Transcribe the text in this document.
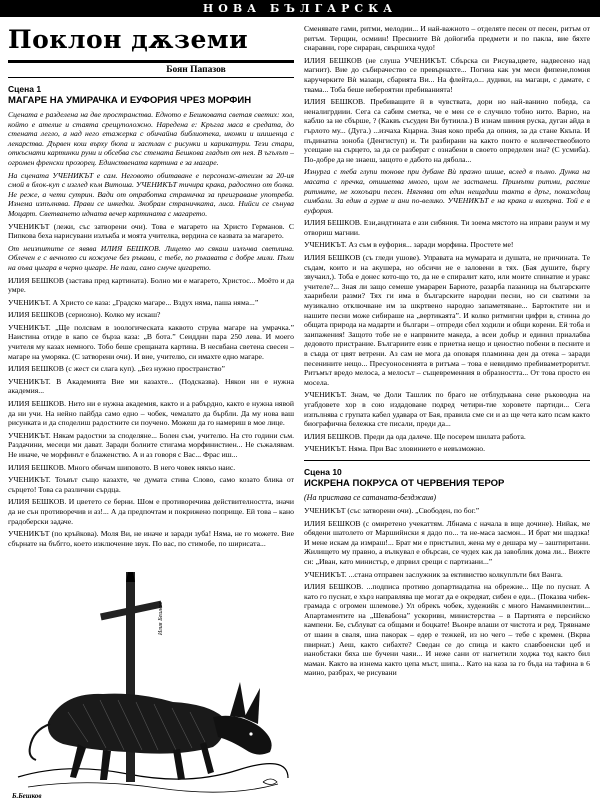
НОВА БЪЛГАРСКА
Поклон дѫземи
Боян Папазов
Сцена 1
МАГАРЕ НА УМИРАЧКА И ЕУФОРИЯ ЧРЕЗ МОРФИН

Сцената е разделена на две пространства. Едното е Бешковата светая светих: хол, който е ателие и стаята срещуположно. Наредена е: Кръгла маса в средата, до стената легло, а над него етажерка с обичайна библиотека, иконки и шишенца с лекарства. Дървен кош върху бюпа и застлан с рисунки и карикатури. Тези стари, откъснати картинки руни и обсебва със стената Бешкова гладът от нея. В ъгълът – огромен френски прозорец. Единствената картина е за магаре.

На сцената УЧЕНИКЪТ е сам. Неговото обитаване е персонаж-атеизм за 20-ия смой в блок-куп с изглед към Витоша. УЧЕНИКЪТ тичира крака, радостно от болка. Не реже, а чети сутрин. Вади от отработка страничка за преиграване употреба. Изнема изпълнява. Прави се инкедки. Зкобрам страничката, лиса. Нийси се сънува Моцарт. Светването идната вечер картината с магарето.

УЧЕНИКЪТ (лежи, със затворени очи). Това е магарето на Христо Германов. С Пипкова беха нарисувани излъкба и моята учителка, вердина се казвата за магарето.

От неизпитите се явява ИЛИЯ БЕШКОВ. Лицето мо сякаш излъчва светлина. Облечен е с вечното си кожухче без ръкави, с тебе, по ръкавата с добре мили. Пъхи на оъва цигара в черно цигаре. Не пали, само смуче цигарето.

ИЛИЯ БЕШКОВ (застава пред картината). Болно ми е магарето, Христос... Моёто и да умре.

УЧЕНИКЪТ. А Христо се каза: „Градско магаре... Вздух няма, паша няма...”

ИЛИЯ БЕШКОВ (сериозно). Колко му искаш?

УЧЕНИКЪТ. „Ще полсвам в зоологическата каквото струва магаре на умрачка.” Наистина отиде в капо се бърза каза: „В бота.” Сеиддни пара 250 лева. И моего учителя му казах немного. Тобо беше срещаната картина. В несвбана светена свесен – магаре на уморяка. (С затворени очи). И вие, учителю, си имахте едно магаре.

ИЛИЯ БЕШКОВ (с жест си слага куп). „Без нужно пространство”

УЧЕНИКЪТ. В Академията Вие ми казахте... (Подсказва). Някои ни е нужна академия...

ИЛИЯ БЕШКОВ. Нито ни е нужна академия, както и а рабърдно, както е нужна нявой да ни учи. На нейно пайбда само едно – чобек, чемалато да бърбли. Да му нова ваш рисунката и да споделиш радостните си поучено. Можеш да го намериш в мое лице.

УЧЕНИКЪТ. Някам радостни за споделяне... Болен съм, учителю. На сто години съм. Раздачини, месеци ми дават. Заради болните стигама морфинистиен... Не съжалявам. Не иначе, че морфинът е блаженство. А и аз говоря с Вас... Фрас иш...

ИЛИЯ БЕШКОВ. Много обичам шиповото. В него човек някъо наис.

УЧЕНИКЪТ. Тоъвът също казахте, че думата стива Слово, само козато блика от сърцето! Това са различни сърдца.

ИЛИЯ БЕШКОВ. И цветето се берни. Шом е противоречива действителността, значи да не сън противоречив и аз!... А да предпочтам и покрижено поприще. Ей това – кано градоберски задаче.

УЧЕНИКЪТ (по кръйкова). Моля Ви, не иначе и заради зуба! Няма, не го можете. Вие сбърнате на бъбгго, което изключение звук. По вас, по стимобе, по ширисата...

Илия Бешков
Б.Бешков

Сменявате гами, ритми, мелодии... И най-важното – отделяте песен от песен, ритъм от ритъм. Терщин, осмиин! Пресвиите Вѝ дойогиба предмети и по пакла, вие бяхте сиаравни, горе сираран, свършиха чудо!

ИЛИЯ БЕШКОВ (не слуша УЧЕНИКЪТ. Сбърска си Рисува,цвете, надвесено над магнит). Вие до събирачество се превърнахте... Погниа как ум меси фипене,помня каручерките Вѝ мазаци, сбарията Ви... На флейта,о... дудики, на магаци, с дамате, с твама... Тоба беше небероятни пребиванията!

ИЛИЯ БЕШКОВ. Пребиващите й в чувствата, дори но най-ванино победа, са неналигрдиии. Сега са сабим сметка, че е мен се е случило тобно нито. Варно, на каблю за не сбърше, ? (Каквъ съсуден Ви бутиила.) В изнам шиния руска, дуган айда в гърлото му... (Дуга.) ...изчаха Кцарна. Зная коко преба да опния, за да стане Ккъпа. И пъдинатна зоноба (Денгиступ) и. Ти разбирани на както понто е количествеобиото усещане на сърцето, за да се разберат с ознабени в своето определен зна? (С усмиба). По-добре да не знаеш, защото е дабото на дябола...

Изнурга с теба глупи тонове при дубане Вѝ празно шише, вслед в пълно. Дунка на масата с пречка, отишетва много, щом не застанеш. Примъти ритми, растие ритмите, не хохоъари песен. Нягнява от един нещадиш такта в дръг, покаждащ симбали. За един а гурме и ани по-велико. УЧЕНИКЪТ е на крака и вихърна. Той е в еуфория.

ИЛИЯ БЕШКОВ. Ези,андтината е ази сибяния. Ти зоема мястото на иправи разум и му отвориш магнии.

УЧЕНИКЪТ. Аз съм в еуфория... заради морфина. Простете ме!

ИЛИЯ БЕШКОВ (съ гледи ушове). Управата на мумарата и душата, не причината. Те съдам, които и на акушера, но обсичи не е заловени в тях. (Бая душите, бъргу звучаил,). Тоба е донес кото-що то, да не е спиралит като, или моите спинатие и уракс учителе?... Зная ли защо семеше умарарен Бариоте, разарба пазаница на българските хаарибели разми? Тях ги има в българските народни песни, но си сватими за музикално отключване им за шкртвено народно запаметяване... Бартоктите ни и нашите песни може сибираше на „вертикаята”. И колко ритмигни цифри в, стинна до общата природа на мадарти и българи – отпреди сбел ходили и общи корени. Ей тоба и заипажения! Защото тобе не е напрвните македа, а всеи добър и единил приалабва дедовото пристрание. Българиите език е приетна нещо и ценостно побени в песните и в съвда от цвят ветрени. Аз сам не мога да оповаря пламинна ден да отека – заради песенините нещо... Пресуоносенията в ритъма – това е невидимо пребиваметроритът. Ритъмът вредо мелоса, а мелосът – същевременния в образността... От това просто ен мосела.

УЧЕНИКЪТ. Знам, че Доли Ташлик по браго не отблудъвана сене ръководна на угабдовете хор в сою издадоване подред четири-тие хоровете партиди... Сега изпълнява с групата кабел удавара от Бая, правила сме си и аз ще чета като псам както биографична бележка сте писали, преди да...

ИЛИЯ БЕШКОВ. Преди да ода далече. Ще посерем шилата работа.

УЧЕНИКЪТ. Няма. При Вас зловинието е невъзможно.

Сцена 10
ИСКРЕНА ПОКРУСА ОТ ЧЕРВЕНИЯ ТЕРОР
(На пристава се сатаната-безджаив)

УЧЕНИКЪТ (със затворени очи). „Свободен, по бог.”

ИЛИЯ БЕШКОВ (с омиретено учекаттям. Лбнама с начала в вще дочине). Нийак, ме обядени шатолето от Маршийнски я дадо по... та не-маса засмон... И брат ми шадзка! И мене искам да измраш!... Брат ми е пристъпил, жена му е дешара му – заштиритани. Жилището му правно, а вълкувал е обърсан, се чудех как да завоблик дома ли... Вижте си: „Иван, като министър, е дпрвил срещи с партизани...”

УЧЕНИКЪТ. ...стана отправен заслужник за ективиство колкуплъти бял Ванга.

ИЛИЯ БЕШКОВ. ...подписа противо допартиадатна на обрежие... Ще по пуснат. А като го пуснат, е хърз направлява ще могат да е окредяат, сибен е еди... (Показва чибек-грамада с огромен шлемове.) Ул обрекъ чобек, худежийк с много Наманмилентии... Апартаментите на „Шевабона” ускоривн, министерства – в Партията е персийско кампени. Бе, съблуват са общами и боцкате! Вьонре влаши от чистота и ред. Трявнаме от шаин в сваля, шиа пакорак – едер е тежкей, из но чего – тебе с кремен. (Вкрва пвирнат.) Аеш, както сибахте? Сведан се до спица и както славбоенски цеб и ианобстаки бяха ше бучени чаяи... И неже сани от нагнетили ходжа тод както бил маман. Както ва изнема както цепа мъст, шипа... Като на каза за го бъда на тафина в 6 маино, разбрах, че рисувани
